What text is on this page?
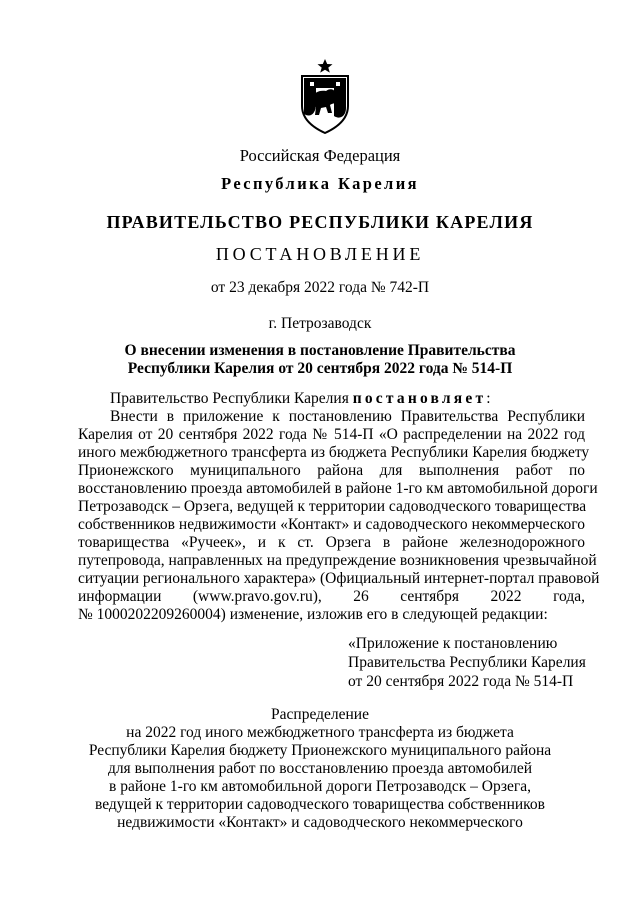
Российская Федерация
Республика Карелия
ПРАВИТЕЛЬСТВО РЕСПУБЛИКИ КАРЕЛИЯ
ПОСТАНОВЛЕНИЕ
от 23 декабря 2022 года № 742-П
г. Петрозаводск
О внесении изменения в постановление Правительства
Республики Карелия от 20 сентября 2022 года № 514-П
Правительство Республики Карелия постановляет:
Внести в приложение к постановлению Правительства Республики
Карелия от 20 сентября 2022 года № 514-П «О распределении на 2022 год
иного межбюджетного трансферта из бюджета Республики Карелия бюджету
Прионежского муниципального района для выполнения работ по
восстановлению проезда автомобилей в районе 1-го км автомобильной дороги
Петрозаводск – Орзега, ведущей к территории садоводческого товарищества
собственников недвижимости «Контакт» и садоводческого некоммерческого
товарищества «Ручеек», и к ст. Орзега в районе железнодорожного
путепровода, направленных на предупреждение возникновения чрезвычайной
ситуации регионального характера» (Официальный интернет-портал правовой
информации (www.pravo.gov.ru), 26 сентября 2022 года,
№ 1000202209260004) изменение, изложив его в следующей редакции:
«Приложение к постановлению
Правительства Республики Карелия
от 20 сентября 2022 года № 514-П
Распределение
на 2022 год иного межбюджетного трансферта из бюджета
Республики Карелия бюджету Прионежского муниципального района
для выполнения работ по восстановлению проезда автомобилей
в районе 1-го км автомобильной дороги Петрозаводск – Орзега,
ведущей к территории садоводческого товарищества собственников
недвижимости «Контакт» и садоводческого некоммерческого
